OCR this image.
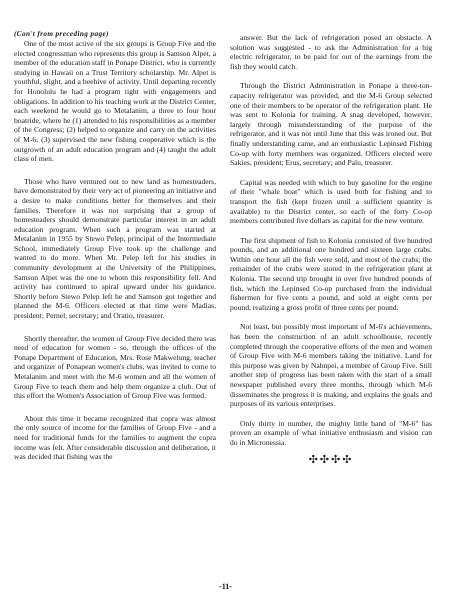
(Con't from preceding page)

One of the most active of the six groups is Group Five and the elected congressman who represents this group is Samson Alpet, a member of the education staff in Ponape District, who is currently studying in Hawaii on a Trust Territory scholarship. Mr. Alpet is youthful, slight, and a beehive of activity. Until departing recently for Honolulu he had a program tight with engagements and obligations. In addition to his teaching work at the District Center, each weekend he would go to Metalanim, a three to four hour boatride, where he (1) attended to his responsibilities as a member of the Congress; (2) helped to organize and carry on the activities of M-6; (3) supervised the new fishing cooperative which is the outgrowth of an adult education program and (4) taught the adult class of men.

Those who have ventured out to new land as homesteaders, have demonstrated by their very act of pioneering an initiative and a desire to make conditions better for themselves and their families. Therefore it was not surprising that a group of homesteaders should demonstrate particular interest in an adult education program. When such a program was started at Metalanim in 1955 by Stewo Pelep, principal of the Intermediate School, immediately Group Five took up the challenge and wanted to do more. When Mr. Pelep left for his studies in community development at the University of the Philippines, Samson Alpet was the one to whom this responsibility fell. And activity has continued to spiral upward under his guidance. Shortly before Stewo Pelep left he and Samson got together and planned the M-6. Officers elected at that time were Madias, president; Pernel, secretary; and Oratio, treasurer.

Shortly thereafter, the women of Group Five decided there was need of education for women - so, through the offices of the Ponape Department of Education, Mrs. Rose Makwelung, teacher and organizer of Ponapean women's clubs, was invited to come to Metalanim and meet with the M-6 women and all the women of Group Five to teach them and help them organize a club. Out of this effort the Women's Association of Group Five was formed.

About this time it became recognized that copra was almost the only source of income for the families of Group Five - and a need for traditional funds for the families to augment the copra income was felt. After considerable discussion and deliberation, it was decided that fishing was the

answer. But the lack of refrigeration posed an obstacle. A solution was suggested - to ask the Administration for a big electric refrigerator, to be paid for out of the earnings from the fish they would catch.

Through the District Administration in Ponape a three-ton-capacity refrigerator was provided, and the M-6 Group selected one of their members to be operator of the refrigeration plant. He was sent to Kolonia for training. A snag developed, however, largely through misunderstanding of the purpose of the refrigerator, and it was not until June that this was ironed out. But finally understanding came, and an enthusiastic Lepinsed Fishing Co-op with forty members was organized. Officers elected were Sakies, president; Erus, secretary; and Palu, treasurer.

Capital was needed with which to buy gasoline for the engine of their "whale boat" which is used both for fishing and to transport the fish (kept frozen until a sufficient quantity is available) to the District center, so each of the forty Co-op members contributed five dollars as capital for the new venture.

The first shipment of fish to Kolonia consisted of five hundred pounds, and an additional one hundred and sixteen large crabs. Within one hour all the fish were sold, and most of the crabs; the remainder of the crabs were stored in the refrigeration plant at Kolonia. The second trip brought in over five hundred pounds of fish, which the Lepinsed Co-op purchased from the individual fishermen for five cents a pound, and sold at eight cents per pound, realizing a gross profit of three cents per pound.

Not least, but possibly most important of M-6's achievements, has been the construction of an adult schoolhouse, recently completed through the cooperative efforts of the men and women of Group Five with M-6 members taking the initiative. Land for this purpose was given by Nahnpei, a member of Group Five. Still another step of progress has been taken with the start of a small newspaper published every three months, through which M-6 disseminates the progress it is making, and explains the goals and purposes of its various enterprises.

Only thirty in number, the mighty little band of "M-6" has proven an example of what initiative enthusiasm and vision can do in Micronessia.

✣✣✣✣
-11-
